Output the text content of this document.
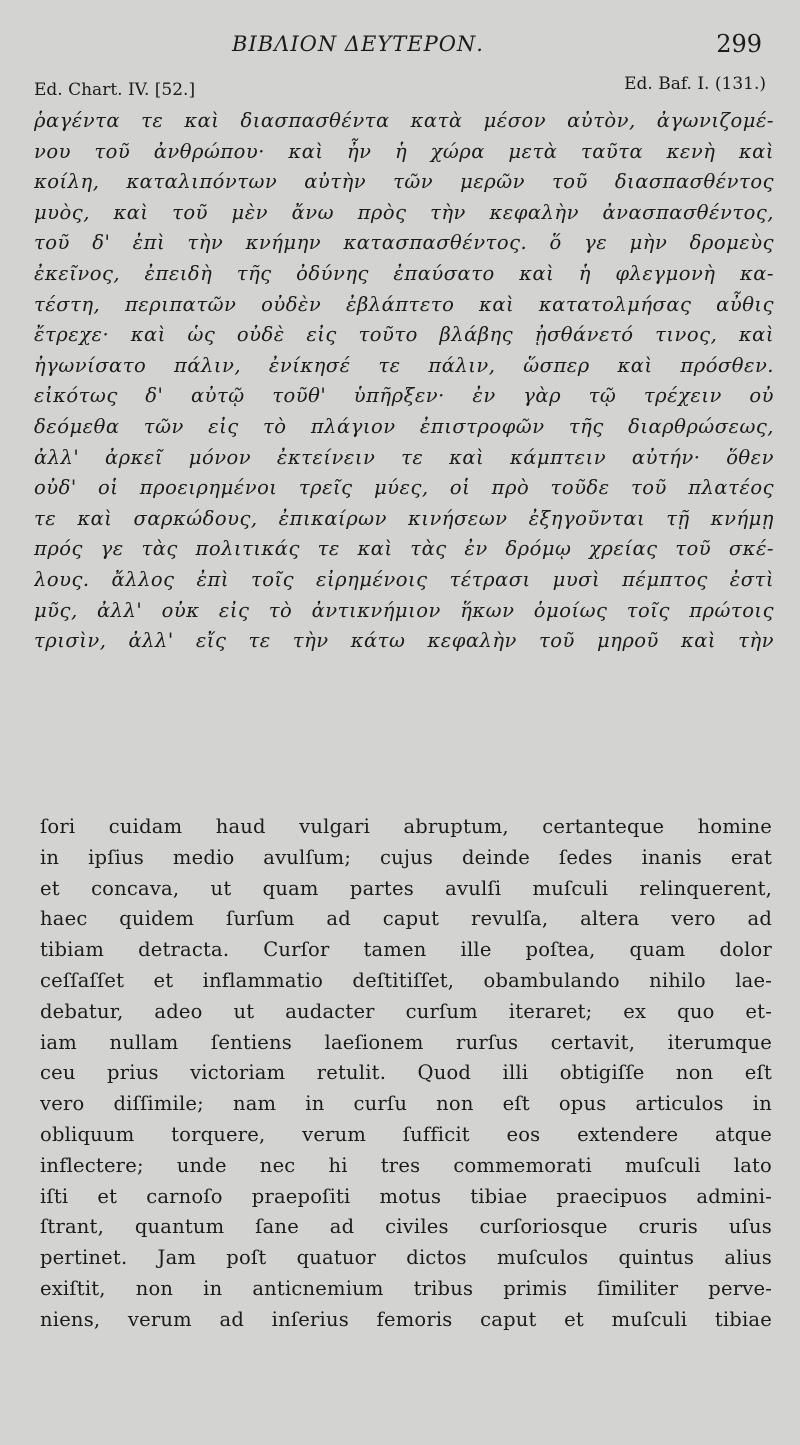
ΒΙΒΛΙΟΝ ΔΕΥΤΕΡΟΝ.	299
Ed. Chart. IV. [52.]	Ed. Baf. I. (131.)
ῥαγέντα τε καὶ διασπασθέντα κατὰ μέσον αὐτὸν, ἀγωνιζομέ-
νου τοῦ ἀνθρώπου· καὶ ἦν ἡ χώρα μετὰ ταῦτα κενὴ καὶ
κοίλη, καταλιπόντων αὐτὴν τῶν μερῶν τοῦ διασπασθέντος
μυὸς, καὶ τοῦ μὲν ἄνω πρὸς τὴν κεφαλὴν ἀνασπασθέντος,
τοῦ δ' ἐπὶ τὴν κνήμην κατασπασθέντος. ὅ γε μὴν δρομεὺς
ἐκεῖνος, ἐπειδὴ τῆς ὀδύνης ἐπαύσατο καὶ ἡ φλεγμονὴ κα-
τέστη, περιπατῶν οὐδὲν ἐβλάπτετο καὶ κατατολμήσας αὖθις
ἔτρεχε· καὶ ὡς οὐδὲ εἰς τοῦτο βλάβης ᾐσθάνετό τινος, καὶ
ἠγωνίσατο πάλιν, ἐνίκησέ τε πάλιν, ὥσπερ καὶ πρόσθεν.
εἰκότως δ' αὐτῷ τοῦθ' ὑπῆρξεν· ἐν γὰρ τῷ τρέχειν οὐ
δεόμεθα τῶν εἰς τὸ πλάγιον ἐπιστροφῶν τῆς διαρθρώσεως,
ἀλλ' ἀρκεῖ μόνον ἐκτείνειν τε καὶ κάμπτειν αὐτήν· ὅθεν
οὐδ' οἱ προειρημένοι τρεῖς μύες, οἱ πρὸ τοῦδε τοῦ πλατέος
τε καὶ σαρκώδους, ἐπικαίρων κινήσεων ἐξηγοῦνται τῇ κνήμῃ
πρός γε τὰς πολιτικάς τε καὶ τὰς ἐν δρόμῳ χρείας τοῦ σκέ-
λους. ἄλλος ἐπὶ τοῖς εἰρημένοις τέτρασι μυσὶ πέμπτος ἐστὶ
μῦς, ἀλλ' οὐκ εἰς τὸ ἀντικνήμιον ἥκων ὁμοίως τοῖς πρώτοις
τρισὶν, ἀλλ' εἴς τε τὴν κάτω κεφαλὴν τοῦ μηροῦ καὶ τὴν
ſori cuidam haud vulgari abruptum, certanteque homine
in ipſius medio avulſum; cujus deinde ſedes inanis erat
et concava, ut quam partes avulſi muſculi relinquerent,
haec quidem ſurſum ad caput revulſa, altera vero ad
tibiam detracta. Curſor tamen ille poſtea, quam dolor
ceſſaſſet et inflammatio deſtitiſſet, obambulando nihilo lae-
debatur, adeo ut audacter curſum iteraret; ex quo et-
iam nullam ſentiens laeſionem rurſus certavit, iterumque
ceu prius victoriam retulit. Quod illi obtigiſſe non eſt
vero diſſimile; nam in curſu non eſt opus articulos in
obliquum torquere, verum ſufficit eos extendere atque
inflectere; unde nec hi tres commemorati muſculi lato
iſti et carnoſo praepoſiti motus tibiae praecipuos admini-
ſtrant, quantum ſane ad civiles curſoriosque cruris uſus
pertinet. Jam poſt quatuor dictos muſculos quintus alius
exiſtit, non in anticnemium tribus primis ſimiliter perve-
niens, verum ad inſerius femoris caput et muſculi tibiae
